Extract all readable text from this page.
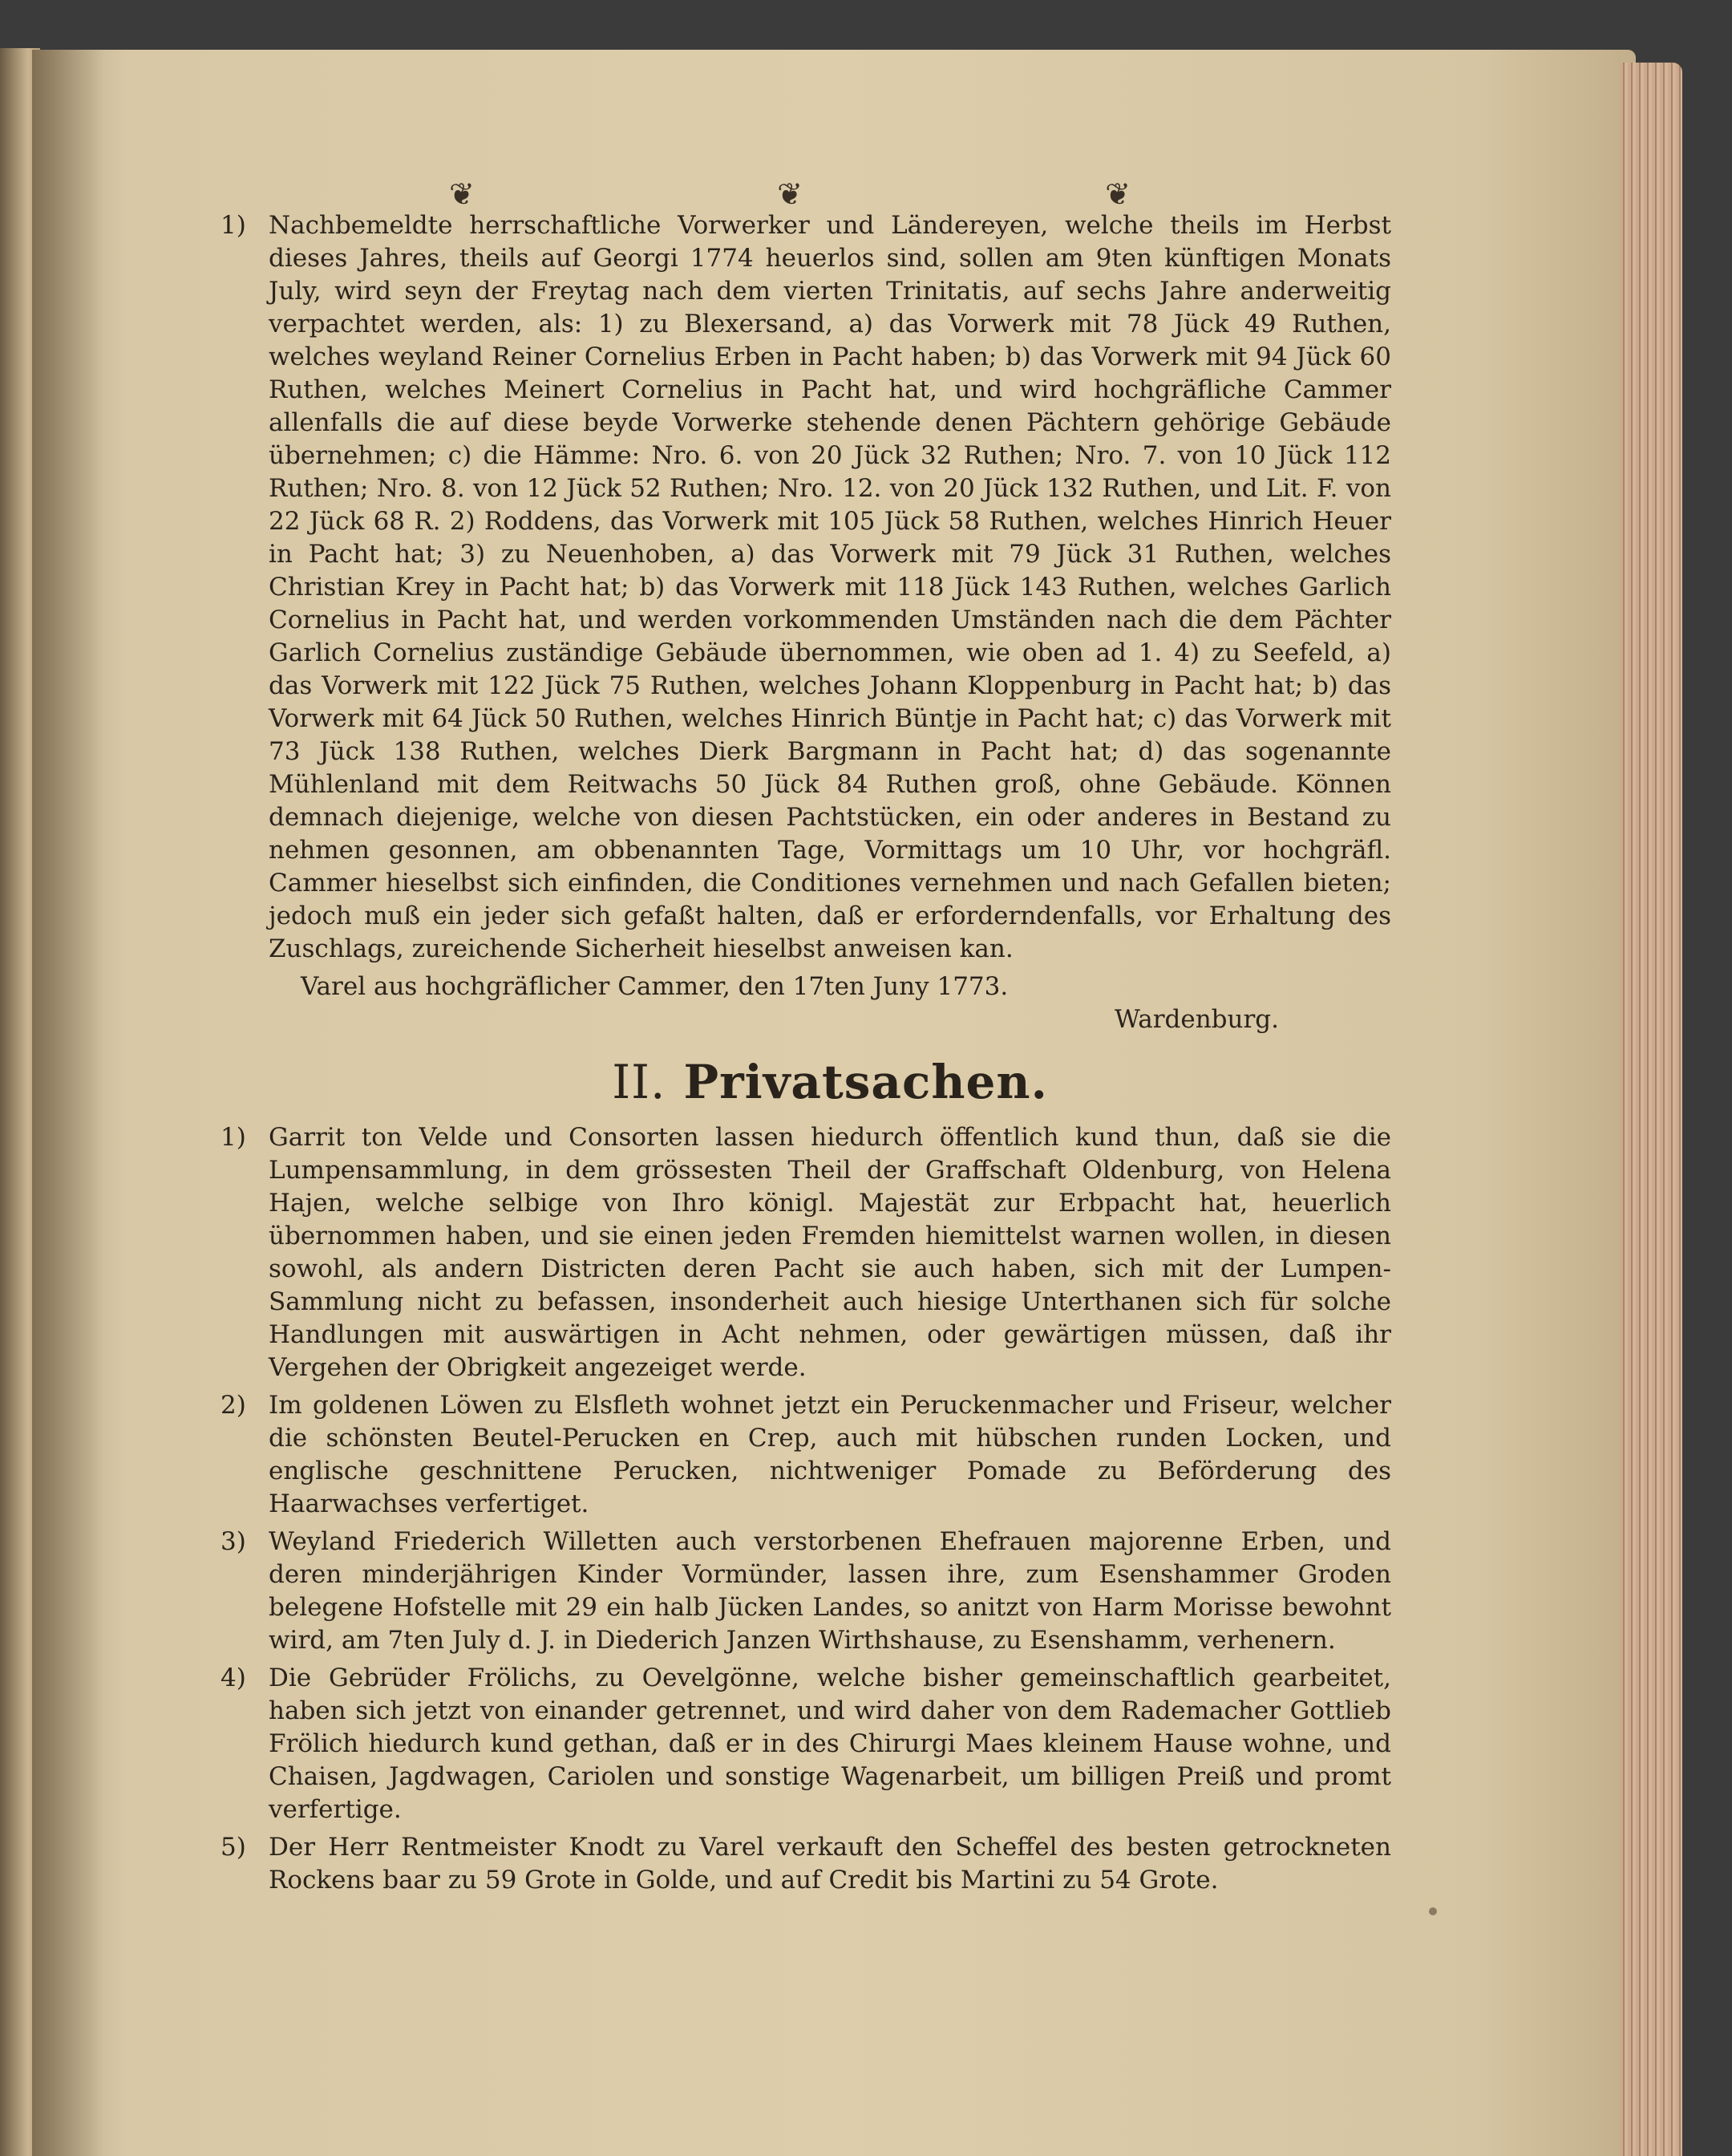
❦	❦	❦
1) Nachbemeldte herrschaftliche Vorwerker und Ländereyen, welche theils im Herbst dieses Jahres, theils auf Georgi 1774 heuerlos sind, sollen am 9ten künftigen Monats July, wird seyn der Freytag nach dem vierten Trinitatis, auf sechs Jahre anderweitig verpachtet werden, als: 1) zu Blexersand, a) das Vorwerk mit 78 Jück 49 Ruthen, welches weyland Reiner Cornelius Erben in Pacht haben; b) das Vorwerk mit 94 Jück 60 Ruthen, welches Meinert Cornelius in Pacht hat, und wird hochgräfliche Cammer allenfalls die auf diese beyde Vorwerke stehende denen Pächtern gehörige Gebäude übernehmen; c) die Hämme: Nro. 6. von 20 Jück 32 Ruthen; Nro. 7. von 10 Jück 112 Ruthen; Nro. 8. von 12 Jück 52 Ruthen; Nro. 12. von 20 Jück 132 Ruthen, und Lit. F. von 22 Jück 68 R. 2) Roddens, das Vorwerk mit 105 Jück 58 Ruthen, welches Hinrich Heuer in Pacht hat; 3) zu Neuenhoben, a) das Vorwerk mit 79 Jück 31 Ruthen, welches Christian Krey in Pacht hat; b) das Vorwerk mit 118 Jück 143 Ruthen, welches Garlich Cornelius in Pacht hat, und werden vorkommenden Umständen nach die dem Pächter Garlich Cornelius zuständige Gebäude übernommen, wie oben ad 1. 4) zu Seefeld, a) das Vorwerk mit 122 Jück 75 Ruthen, welches Johann Kloppenburg in Pacht hat; b) das Vorwerk mit 64 Jück 50 Ruthen, welches Hinrich Büntje in Pacht hat; c) das Vorwerk mit 73 Jück 138 Ruthen, welches Dierk Bargmann in Pacht hat; d) das sogenannte Mühlenland mit dem Reitwachs 50 Jück 84 Ruthen groß, ohne Gebäude. Können demnach diejenige, welche von diesen Pachtstücken, ein oder anderes in Bestand zu nehmen gesonnen, am obbenannten Tage, Vormittags um 10 Uhr, vor hochgräfl. Cammer hieselbst sich einfinden, die Conditiones vernehmen und nach Gefallen bieten; jedoch muß ein jeder sich gefaßt halten, daß er erforderndenfalls, vor Erhaltung des Zuschlags, zureichende Sicherheit hieselbst anweisen kan.
Varel aus hochgräflicher Cammer, den 17ten Juny 1773.
Wardenburg.
II. Privatsachen.
1) Garrit ton Velde und Consorten lassen hiedurch öffentlich kund thun, daß sie die Lumpensammlung, in dem grössesten Theil der Graffschaft Oldenburg, von Helena Hajen, welche selbige von Ihro königl. Majestät zur Erbpacht hat, heuerlich übernommen haben, und sie einen jeden Fremden hiemittelst warnen wollen, in diesen sowohl, als andern Districten deren Pacht sie auch haben, sich mit der Lumpen-Sammlung nicht zu befassen, insonderheit auch hiesige Unterthanen sich für solche Handlungen mit auswärtigen in Acht nehmen, oder gewärtigen müssen, daß ihr Vergehen der Obrigkeit angezeiget werde.
2) Im goldenen Löwen zu Elsfleth wohnet jetzt ein Peruckenmacher und Friseur, welcher die schönsten Beutel-Perucken en Crep, auch mit hübschen runden Locken, und englische geschnittene Perucken, nichtweniger Pomade zu Beförderung des Haarwachses verfertiget.
3) Weyland Friederich Willetten auch verstorbenen Ehefrauen majorenne Erben, und deren minderjährigen Kinder Vormünder, lassen ihre, zum Esenshammer Groden belegene Hofstelle mit 29 ein halb Jücken Landes, so anitzt von Harm Morisse bewohnt wird, am 7ten July d. J. in Diederich Janzen Wirthshause, zu Esenshamm, verhenern.
4) Die Gebrüder Frölichs, zu Oevelgönne, welche bisher gemeinschaftlich gearbeitet, haben sich jetzt von einander getrennet, und wird daher von dem Rademacher Gottlieb Frölich hiedurch kund gethan, daß er in des Chirurgi Maes kleinem Hause wohne, und Chaisen, Jagdwagen, Cariolen und sonstige Wagenarbeit, um billigen Preiß und promt verfertige.
5) Der Herr Rentmeister Knodt zu Varel verkauft den Scheffel des besten getrockneten Rockens baar zu 59 Grote in Golde, und auf Credit bis Martini zu 54 Grote.
